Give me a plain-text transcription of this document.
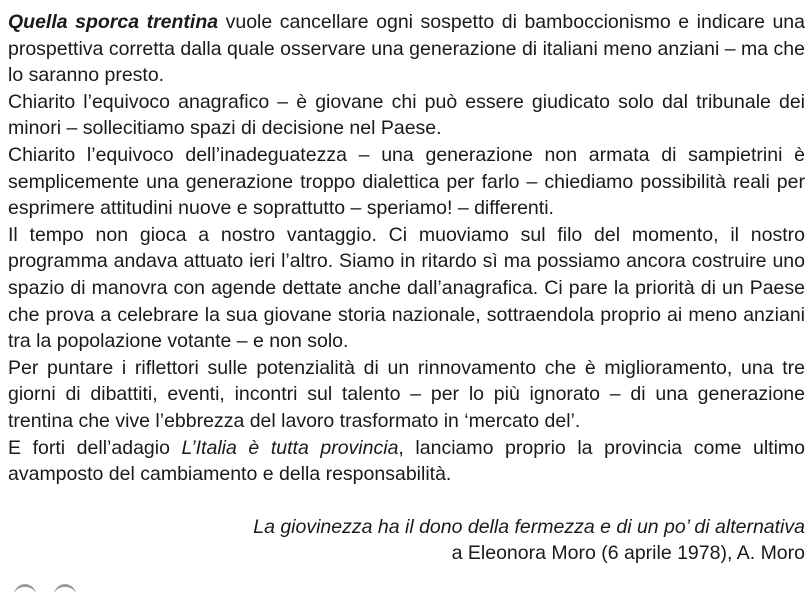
Quella sporca trentina vuole cancellare ogni sospetto di bamboccionismo e indicare una prospettiva corretta dalla quale osservare una generazione di italiani meno anziani – ma che lo saranno presto.

Chiarito l’equivoco anagrafico – è giovane chi può essere giudicato solo dal tribunale dei minori – sollecitiamo spazi di decisione nel Paese.

Chiarito l’equivoco dell’inadeguatezza – una generazione non armata di sampietrini è semplicemente una generazione troppo dialettica per farlo – chiediamo possibilità reali per esprimere attitudini nuove e soprattutto – speriamo! – differenti.

Il tempo non gioca a nostro vantaggio. Ci muoviamo sul filo del momento, il nostro programma andava attuato ieri l’altro. Siamo in ritardo sì ma possiamo ancora costruire uno spazio di manovra con agende dettate anche dall’anagrafica. Ci pare la priorità di un Paese che prova a celebrare la sua giovane storia nazionale, sottraendola proprio ai meno anziani tra la popolazione votante – e non solo.

Per puntare i riflettori sulle potenzialità di un rinnovamento che è miglioramento, una tre giorni di dibattiti, eventi, incontri sul talento – per lo più ignorato – di una generazione trentina che vive l’ebbrezza del lavoro trasformato in ‘mercato del’.

E forti dell’adagio L’Italia è tutta provincia, lanciamo proprio la provincia come ultimo avamposto del cambiamento e della responsabilità.

La giovinezza ha il dono della fermezza e di un po’ di alternativa
a Eleonora Moro (6 aprile 1978), A. Moro
